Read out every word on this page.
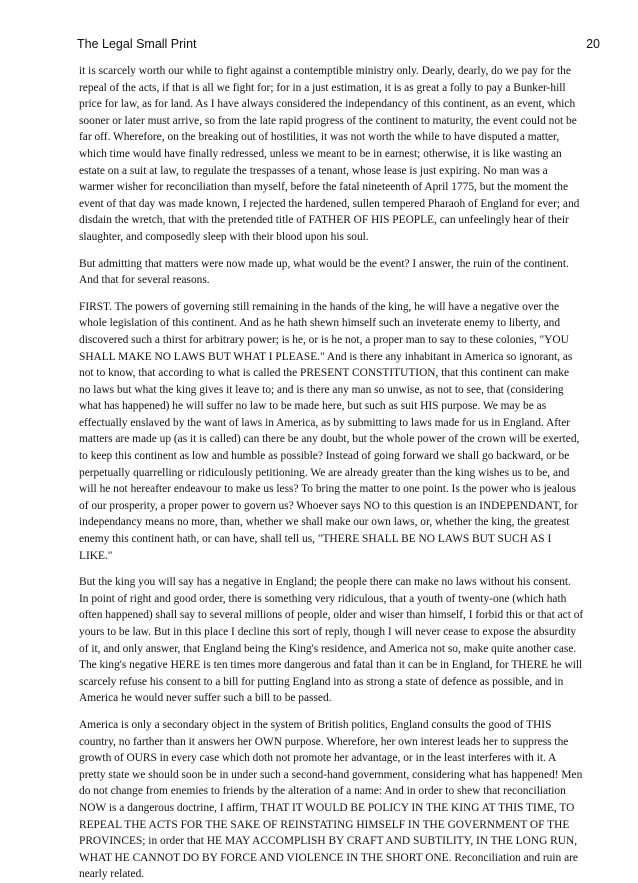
The Legal Small Print	20

it is scarcely worth our while to fight against a contemptible ministry only. Dearly, dearly, do we pay for the
repeal of the acts, if that is all we fight for; for in a just estimation, it is as great a folly to pay a Bunker-hill
price for law, as for land. As I have always considered the independancy of this continent, as an event, which
sooner or later must arrive, so from the late rapid progress of the continent to maturity, the event could not be
far off. Wherefore, on the breaking out of hostilities, it was not worth the while to have disputed a matter,
which time would have finally redressed, unless we meant to be in earnest; otherwise, it is like wasting an
estate on a suit at law, to regulate the trespasses of a tenant, whose lease is just expiring. No man was a
warmer wisher for reconciliation than myself, before the fatal nineteenth of April 1775, but the moment the
event of that day was made known, I rejected the hardened, sullen tempered Pharaoh of England for ever; and
disdain the wretch, that with the pretended title of FATHER OF HIS PEOPLE, can unfeelingly hear of their
slaughter, and composedly sleep with their blood upon his soul.

But admitting that matters were now made up, what would be the event? I answer, the ruin of the continent.
And that for several reasons.

FIRST. The powers of governing still remaining in the hands of the king, he will have a negative over the
whole legislation of this continent. And as he hath shewn himself such an inveterate enemy to liberty, and
discovered such a thirst for arbitrary power; is he, or is he not, a proper man to say to these colonies, "YOU
SHALL MAKE NO LAWS BUT WHAT I PLEASE." And is there any inhabitant in America so ignorant, as
not to know, that according to what is called the PRESENT CONSTITUTION, that this continent can make
no laws but what the king gives it leave to; and is there any man so unwise, as not to see, that (considering
what has happened) he will suffer no law to be made here, but such as suit HIS purpose. We may be as
effectually enslaved by the want of laws in America, as by submitting to laws made for us in England. After
matters are made up (as it is called) can there be any doubt, but the whole power of the crown will be exerted,
to keep this continent as low and humble as possible? Instead of going forward we shall go backward, or be
perpetually quarrelling or ridiculously petitioning. We are already greater than the king wishes us to be, and
will he not hereafter endeavour to make us less? To bring the matter to one point. Is the power who is jealous
of our prosperity, a proper power to govern us? Whoever says NO to this question is an INDEPENDANT, for
independancy means no more, than, whether we shall make our own laws, or, whether the king, the greatest
enemy this continent hath, or can have, shall tell us, "THERE SHALL BE NO LAWS BUT SUCH AS I
LIKE."

But the king you will say has a negative in England; the people there can make no laws without his consent.
In point of right and good order, there is something very ridiculous, that a youth of twenty-one (which hath
often happened) shall say to several millions of people, older and wiser than himself, I forbid this or that act of
yours to be law. But in this place I decline this sort of reply, though I will never cease to expose the absurdity
of it, and only answer, that England being the King's residence, and America not so, make quite another case.
The king's negative HERE is ten times more dangerous and fatal than it can be in England, for THERE he will
scarcely refuse his consent to a bill for putting England into as strong a state of defence as possible, and in
America he would never suffer such a bill to be passed.

America is only a secondary object in the system of British politics, England consults the good of THIS
country, no farther than it answers her OWN purpose. Wherefore, her own interest leads her to suppress the
growth of OURS in every case which doth not promote her advantage, or in the least interferes with it. A
pretty state we should soon be in under such a second-hand government, considering what has happened! Men
do not change from enemies to friends by the alteration of a name: And in order to shew that reconciliation
NOW is a dangerous doctrine, I affirm, THAT IT WOULD BE POLICY IN THE KING AT THIS TIME, TO
REPEAL THE ACTS FOR THE SAKE OF REINSTATING HIMSELF IN THE GOVERNMENT OF THE
PROVINCES; in order that HE MAY ACCOMPLISH BY CRAFT AND SUBTILITY, IN THE LONG RUN,
WHAT HE CANNOT DO BY FORCE AND VIOLENCE IN THE SHORT ONE. Reconciliation and ruin are
nearly related.
